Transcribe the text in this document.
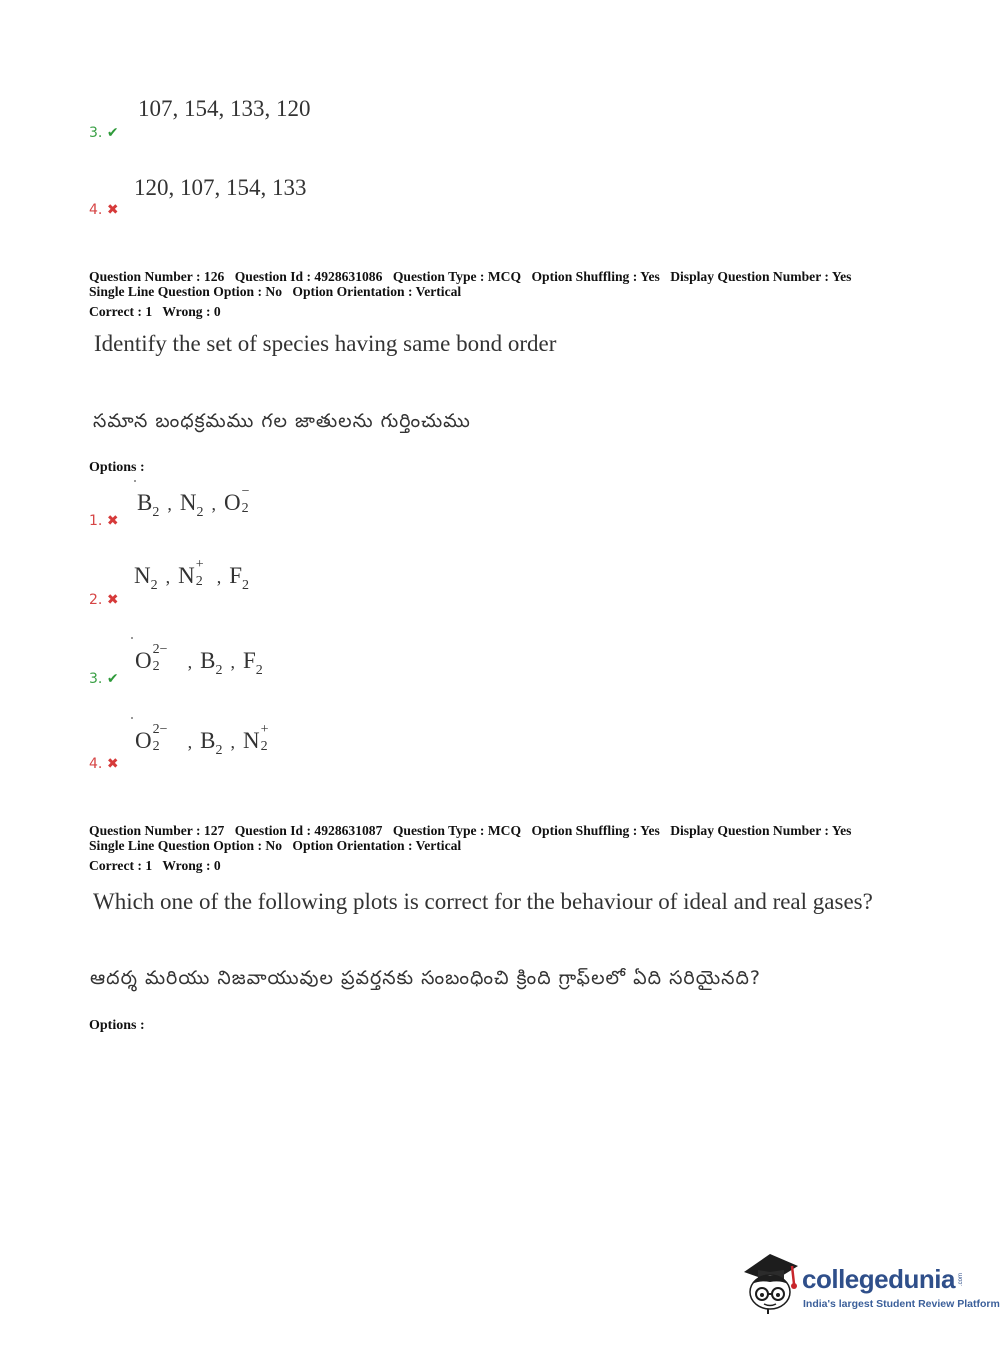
107, 154, 133, 120
3. ✔
120, 107, 154, 133
4. ✖
Question Number : 126 Question Id : 4928631086 Question Type : MCQ Option Shuffling : Yes Display Question Number : Yes
Single Line Question Option : No Option Orientation : Vertical
Correct : 1 Wrong : 0
Identify the set of species having same bond order
సమాన బంధక్రమము గల జాతులను గుర్తించుము
Options :
$B_2$ , $N_2$ , O −
2
1. ✖
$N_2$ , N +
2 , $F_2$
2. ✖
O 2−
2 , $B_2$ , $F_2$
3. ✔
O 2−
2 , $B_2$ , N +
2
4. ✖
Question Number : 127 Question Id : 4928631087 Question Type : MCQ Option Shuffling : Yes Display Question Number : Yes
Single Line Question Option : No Option Orientation : Vertical
Correct : 1 Wrong : 0
Which one of the following plots is correct for the behaviour of ideal and real gases?
ఆదర్శ మరియు నిజవాయువుల ప్రవర్తనకు సంబంధించి క్రింది గ్రాఫ్‌లలో ఏది సరియైనది?
Options :
collegedunia .com
India's largest Student Review Platform
